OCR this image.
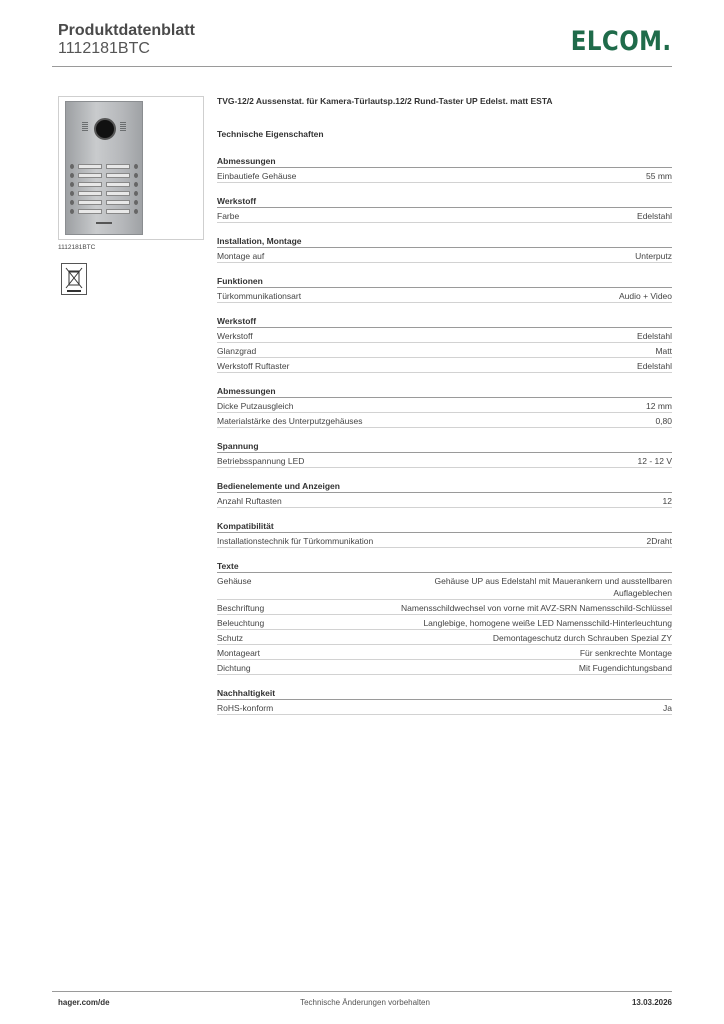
Produktdatenblatt
1112181BTC	ELCOM.
1112181BTC
TVG-12/2 Aussenstat. für Kamera-Türlautsp.12/2 Rund-Taster UP Edelst. matt ESTA
Technische Eigenschaften
Abmessungen
Einbautiefe Gehäuse	55 mm
Werkstoff
Farbe	Edelstahl
Installation, Montage
Montage auf	Unterputz
Funktionen
Türkommunikationsart	Audio + Video
Werkstoff
Werkstoff	Edelstahl
Glanzgrad	Matt
Werkstoff Ruftaster	Edelstahl
Abmessungen
Dicke Putzausgleich	12 mm
Materialstärke des Unterputzgehäuses	0,80
Spannung
Betriebsspannung LED	12 - 12 V
Bedienelemente und Anzeigen
Anzahl Ruftasten	12
Kompatibilität
Installationstechnik für Türkommunikation	2Draht
Texte
Gehäuse	Gehäuse UP aus Edelstahl mit Mauerankern und ausstellbaren Auflageblechen
Beschriftung	Namensschildwechsel von vorne mit AVZ-SRN Namensschild-Schlüssel
Beleuchtung	Langlebige, homogene weiße LED Namensschild-Hinterleuchtung
Schutz	Demontageschutz durch Schrauben Spezial ZY
Montageart	Für senkrechte Montage
Dichtung	Mit Fugendichtungsband
Nachhaltigkeit
RoHS-konform	Ja
hager.com/de	Technische Änderungen vorbehalten	13.03.2026
